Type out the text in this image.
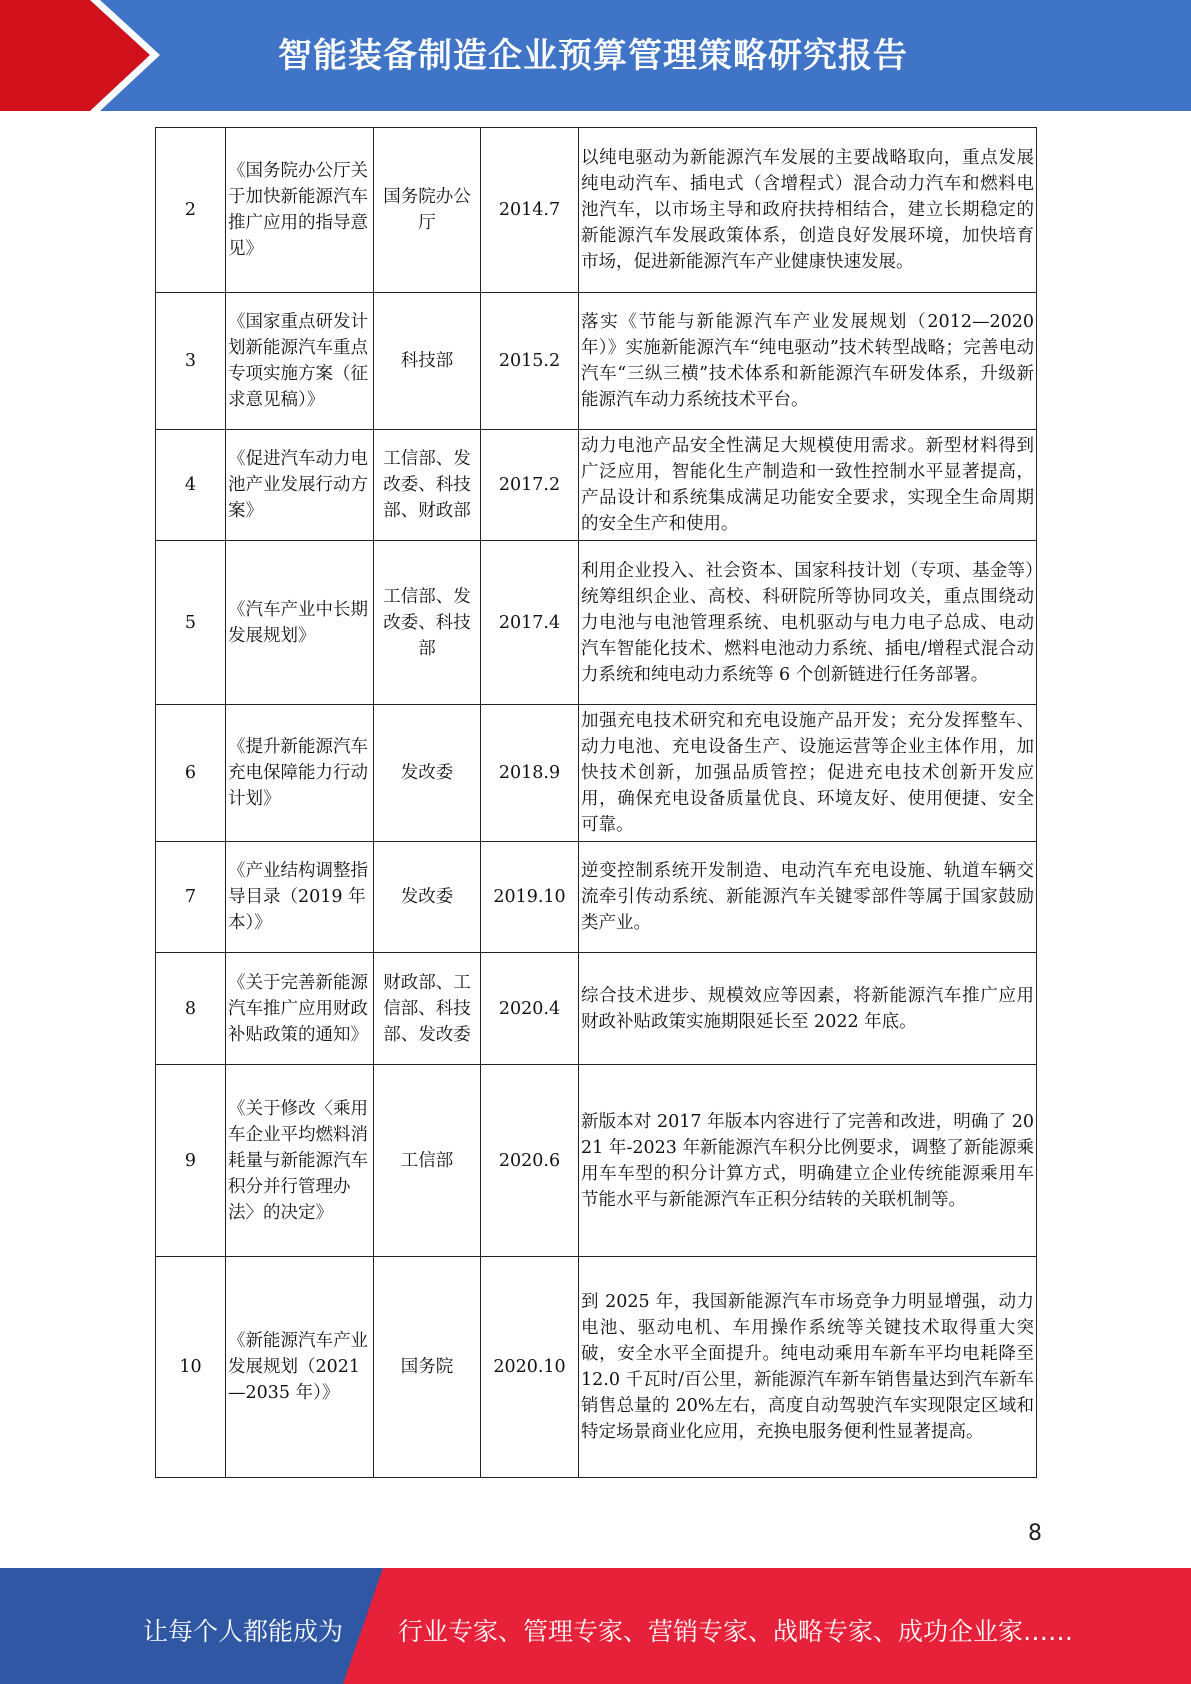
智能装备制造企业预算管理策略研究报告
2	《国务院办公厅关于加快新能源汽车推广应用的指导意见》	国务院办公厅	2014.7	以纯电驱动为新能源汽车发展的主要战略取向，重点发展纯电动汽车、插电式（含增程式）混合动力汽车和燃料电池汽车，以市场主导和政府扶持相结合，建立长期稳定的新能源汽车发展政策体系，创造良好发展环境，加快培育市场，促进新能源汽车产业健康快速发展。
3	《国家重点研发计划新能源汽车重点专项实施方案（征求意见稿）》	科技部	2015.2	落实《节能与新能源汽车产业发展规划（2012—2020 年）》实施新能源汽车“纯电驱动”技术转型战略；完善电动汽车“三纵三横”技术体系和新能源汽车研发体系，升级新能源汽车动力系统技术平台。
4	《促进汽车动力电池产业发展行动方案》	工信部、发改委、科技部、财政部	2017.2	动力电池产品安全性满足大规模使用需求。新型材料得到广泛应用，智能化生产制造和一致性控制水平显著提高，产品设计和系统集成满足功能安全要求，实现全生命周期的安全生产和使用。
5	《汽车产业中长期发展规划》	工信部、发改委、科技部	2017.4	利用企业投入、社会资本、国家科技计划（专项、基金等）统筹组织企业、高校、科研院所等协同攻关，重点围绕动力电池与电池管理系统、电机驱动与电力电子总成、电动汽车智能化技术、燃料电池动力系统、插电/增程式混合动力系统和纯电动力系统等 6 个创新链进行任务部署。
6	《提升新能源汽车充电保障能力行动计划》	发改委	2018.9	加强充电技术研究和充电设施产品开发；充分发挥整车、动力电池、充电设备生产、设施运营等企业主体作用，加快技术创新，加强品质管控；促进充电技术创新开发应用，确保充电设备质量优良、环境友好、使用便捷、安全可靠。
7	《产业结构调整指导目录（2019 年本）》	发改委	2019.10	逆变控制系统开发制造、电动汽车充电设施、轨道车辆交流牵引传动系统、新能源汽车关键零部件等属于国家鼓励类产业。
8	《关于完善新能源汽车推广应用财政补贴政策的通知》	财政部、工信部、科技部、发改委	2020.4	综合技术进步、规模效应等因素，将新能源汽车推广应用财政补贴政策实施期限延长至 2022 年底。
9	《关于修改〈乘用车企业平均燃料消耗量与新能源汽车积分并行管理办法〉的决定》	工信部	2020.6	新版本对 2017 年版本内容进行了完善和改进，明确了 2021 年-2023 年新能源汽车积分比例要求，调整了新能源乘用车车型的积分计算方式，明确建立企业传统能源乘用车节能水平与新能源汽车正积分结转的关联机制等。
10	《新能源汽车产业发展规划（2021—2035 年）》	国务院	2020.10	到 2025 年，我国新能源汽车市场竞争力明显增强，动力电池、驱动电机、车用操作系统等关键技术取得重大突破，安全水平全面提升。纯电动乘用车新车平均电耗降至 12.0 千瓦时/百公里，新能源汽车新车销售量达到汽车新车销售总量的 20%左右，高度自动驾驶汽车实现限定区域和特定场景商业化应用，充换电服务便利性显著提高。
8
让每个人都能成为 行业专家、管理专家、营销专家、战略专家、成功企业家……
